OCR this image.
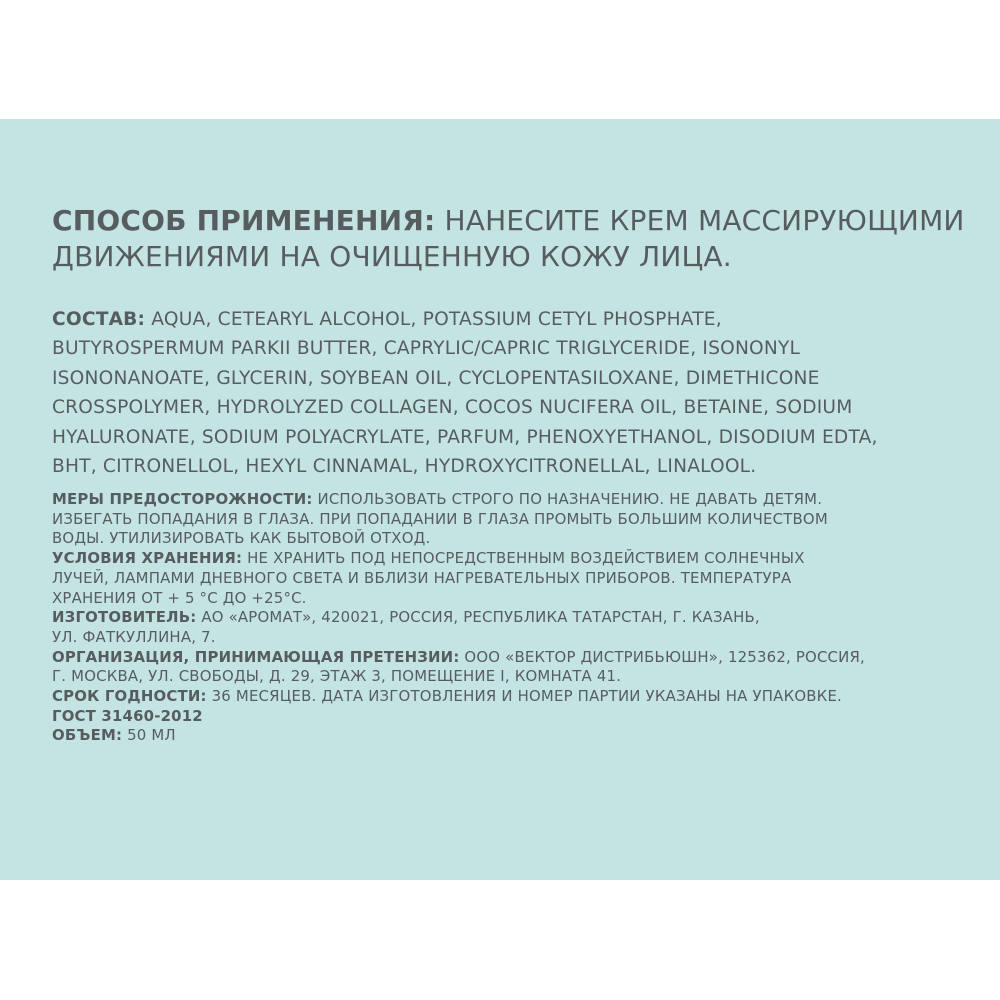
СПОСОБ ПРИМЕНЕНИЯ: НАНЕСИТЕ КРЕМ МАССИРУЮЩИМИ
ДВИЖЕНИЯМИ НА ОЧИЩЕННУЮ КОЖУ ЛИЦА.
СОСТАВ: AQUA, CETEARYL ALCOHOL, POTASSIUM CETYL PHOSPHATE,
BUTYROSPERMUM PARKII BUTTER, CAPRYLIC/CAPRIC TRIGLYCERIDE, ISONONYL
ISONONANOATE, GLYCERIN, SOYBEAN OIL, CYCLOPENTASILOXANE, DIMETHICONE
CROSSPOLYMER, HYDROLYZED COLLAGEN, COCOS NUCIFERA OIL, BETAINE, SODIUM
HYALURONATE, SODIUM POLYACRYLATE, PARFUM, PHENOXYETHANOL, DISODIUM EDTA,
BHT, CITRONELLOL, HEXYL CINNAMAL, HYDROXYCITRONELLAL, LINALOOL.

МЕРЫ ПРЕДОСТОРОЖНОСТИ: ИСПОЛЬЗОВАТЬ СТРОГО ПО НАЗНАЧЕНИЮ. НЕ ДАВАТЬ ДЕТЯМ.
ИЗБЕГАТЬ ПОПАДАНИЯ В ГЛАЗА. ПРИ ПОПАДАНИИ В ГЛАЗА ПРОМЫТЬ БОЛЬШИМ КОЛИЧЕСТВОМ
ВОДЫ. УТИЛИЗИРОВАТЬ КАК БЫТОВОЙ ОТХОД.

УСЛОВИЯ ХРАНЕНИЯ: НЕ ХРАНИТЬ ПОД НЕПОСРЕДСТВЕННЫМ ВОЗДЕЙСТВИЕМ СОЛНЕЧНЫХ
ЛУЧЕЙ, ЛАМПАМИ ДНЕВНОГО СВЕТА И ВБЛИЗИ НАГРЕВАТЕЛЬНЫХ ПРИБОРОВ. ТЕМПЕРАТУРА
ХРАНЕНИЯ ОТ + 5 °С ДО +25°С.

ИЗГОТОВИТЕЛЬ: АО «АРОМАТ», 420021, РОССИЯ, РЕСПУБЛИКА ТАТАРСТАН, Г. КАЗАНЬ,
УЛ. ФАТКУЛЛИНА, 7.

ОРГАНИЗАЦИЯ, ПРИНИМАЮЩАЯ ПРЕТЕНЗИИ: ООО «ВЕКТОР ДИСТРИБЬЮШН», 125362, РОССИЯ,
Г. МОСКВА, УЛ. СВОБОДЫ, Д. 29, ЭТАЖ 3, ПОМЕЩЕНИЕ I, КОМНАТА 41.

СРОК ГОДНОСТИ: 36 МЕСЯЦЕВ. ДАТА ИЗГОТОВЛЕНИЯ И НОМЕР ПАРТИИ УКАЗАНЫ НА УПАКОВКЕ.

ГОСТ 31460-2012

ОБЪЕМ: 50 МЛ
